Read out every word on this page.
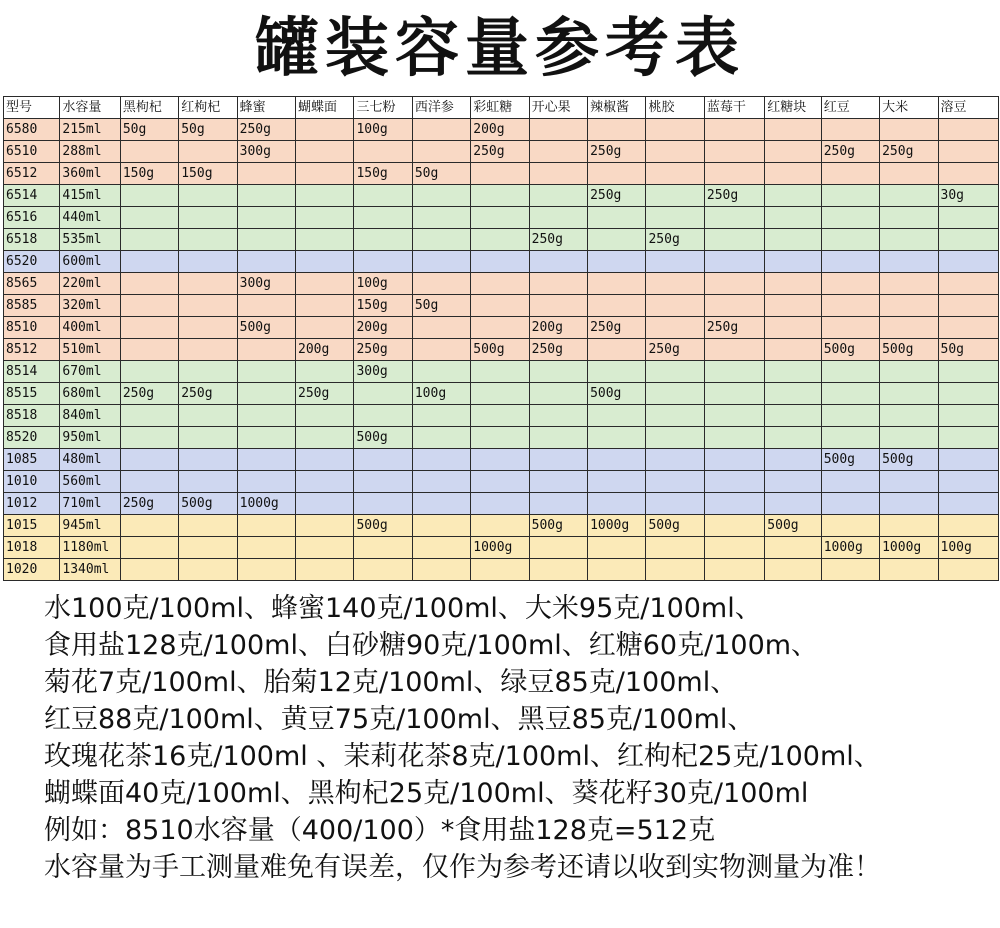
罐装容量参考表
型号	水容量	黑枸杞	红枸杞	蜂蜜	蝴蝶面	三七粉	西洋参	彩虹糖	开心果	辣椒酱	桃胶	蓝莓干	红糖块	红豆	大米	溶豆
6580	215ml	50g	50g	250g		100g		200g								
6510	288ml			300g				250g		250g				250g	250g	
6512	360ml	150g	150g			150g	50g									
6514	415ml									250g		250g				30g
6516	440ml															
6518	535ml								250g		250g					
6520	600ml															
8565	220ml			300g		100g										
8585	320ml					150g	50g									
8510	400ml			500g		200g			200g	250g		250g				
8512	510ml				200g	250g		500g	250g		250g			500g	500g	50g
8514	670ml					300g										
8515	680ml	250g	250g		250g		100g			500g						
8518	840ml															
8520	950ml					500g										
1085	480ml													500g	500g	
1010	560ml															
1012	710ml	250g	500g	1000g												
1015	945ml					500g			500g	1000g	500g		500g			
1018	1180ml							1000g						1000g	1000g	100g
1020	1340ml															
水100克/100ml、蜂蜜140克/100ml、大米95克/100ml、
食用盐128克/100ml、白砂糖90克/100ml、红糖60克/100m、
菊花7克/100ml、胎菊12克/100ml、绿豆85克/100ml、
红豆88克/100ml、黄豆75克/100ml、黑豆85克/100ml、
玫瑰花茶16克/100ml 、茉莉花茶8克/100ml、红枸杞25克/100ml、
蝴蝶面40克/100ml、黑枸杞25克/100ml、葵花籽30克/100ml
例如：8510水容量（400/100）*食用盐128克=512克
水容量为手工测量难免有误差，仅作为参考还请以收到实物测量为准！
